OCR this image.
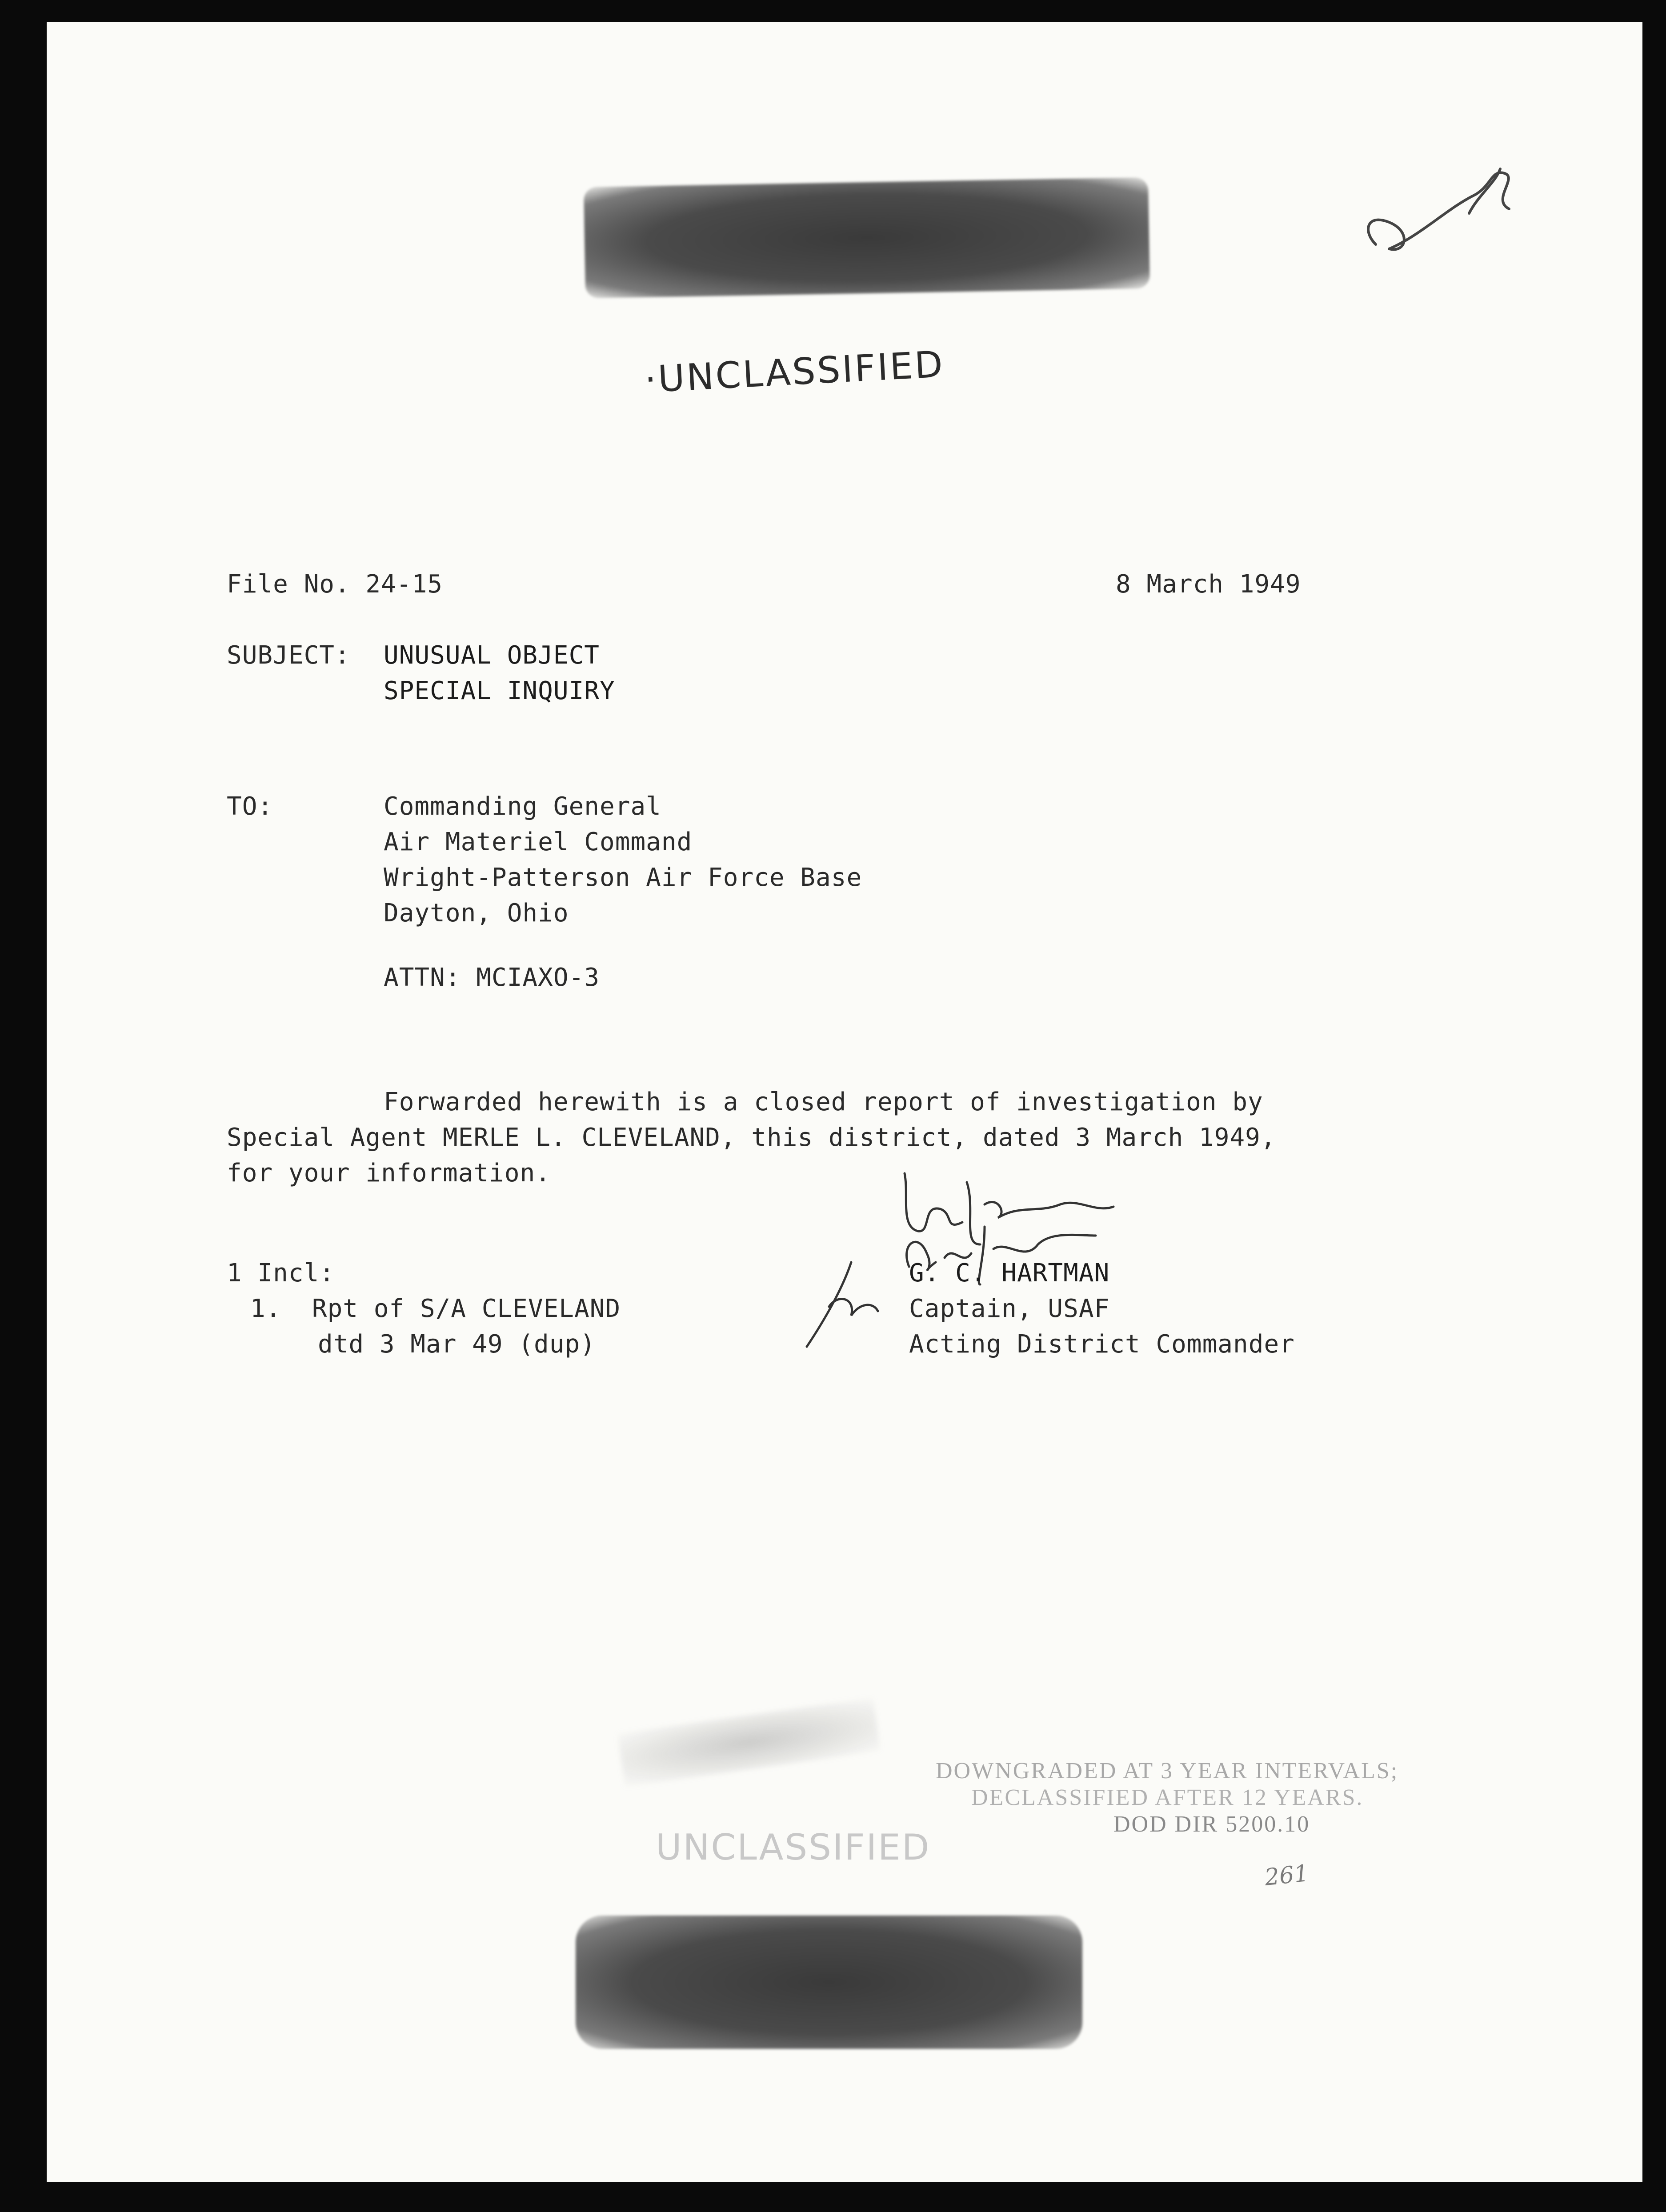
·UNCLASSIFIED
File No. 24-15	8 March 1949
SUBJECT: UNUSUAL OBJECT
SPECIAL INQUIRY
TO:	Commanding General
Air Materiel Command
Wright-Patterson Air Force Base
Dayton, Ohio
ATTN: MCIAXO-3
Forwarded herewith is a closed report of investigation by
Special Agent MERLE L. CLEVELAND, this district, dated 3 March 1949,
for your information.
1 Incl:
1.  Rpt of S/A CLEVELAND
dtd 3 Mar 49 (dup)
G. C. HARTMAN
Captain, USAF
Acting District Commander
DOWNGRADED AT 3 YEAR INTERVALS;
DECLASSIFIED AFTER 12 YEARS.
DOD DIR 5200.10
UNCLASSIFIED
261
